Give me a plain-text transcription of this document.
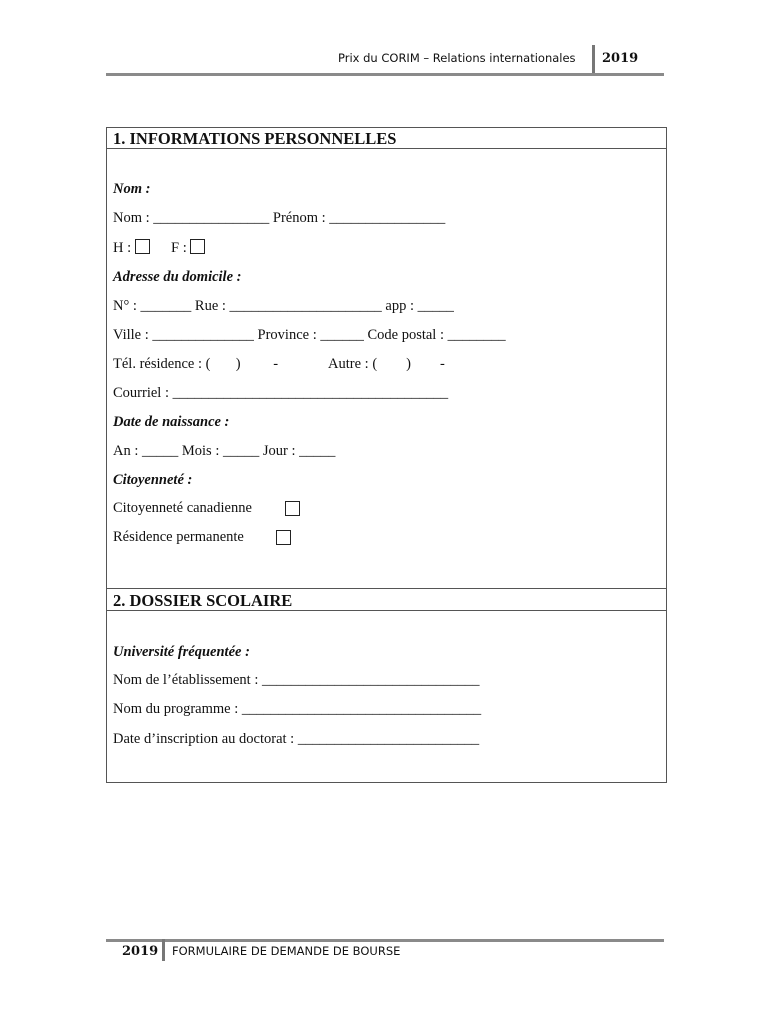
Prix du CORIM – Relations internationales 2019
1. INFORMATIONS PERSONNELLES
Nom :
Nom : ________________ Prénom : ________________
H :	F :
Adresse du domicile :
N° : _______ Rue : _____________________ app : _____
Ville : ______________ Province : ______ Code postal : ________
Tél. résidence : (       )         -              Autre : (        )        -
Courriel : ______________________________________
Date de naissance :
An : _____ Mois : _____ Jour : _____
Citoyenneté :
Citoyenneté canadienne
Résidence permanente
2. DOSSIER SCOLAIRE
Université fréquentée :
Nom de l’établissement : ______________________________
Nom du programme : _________________________________
Date d’inscription au doctorat : _________________________
2019 FORMULAIRE DE DEMANDE DE BOURSE
